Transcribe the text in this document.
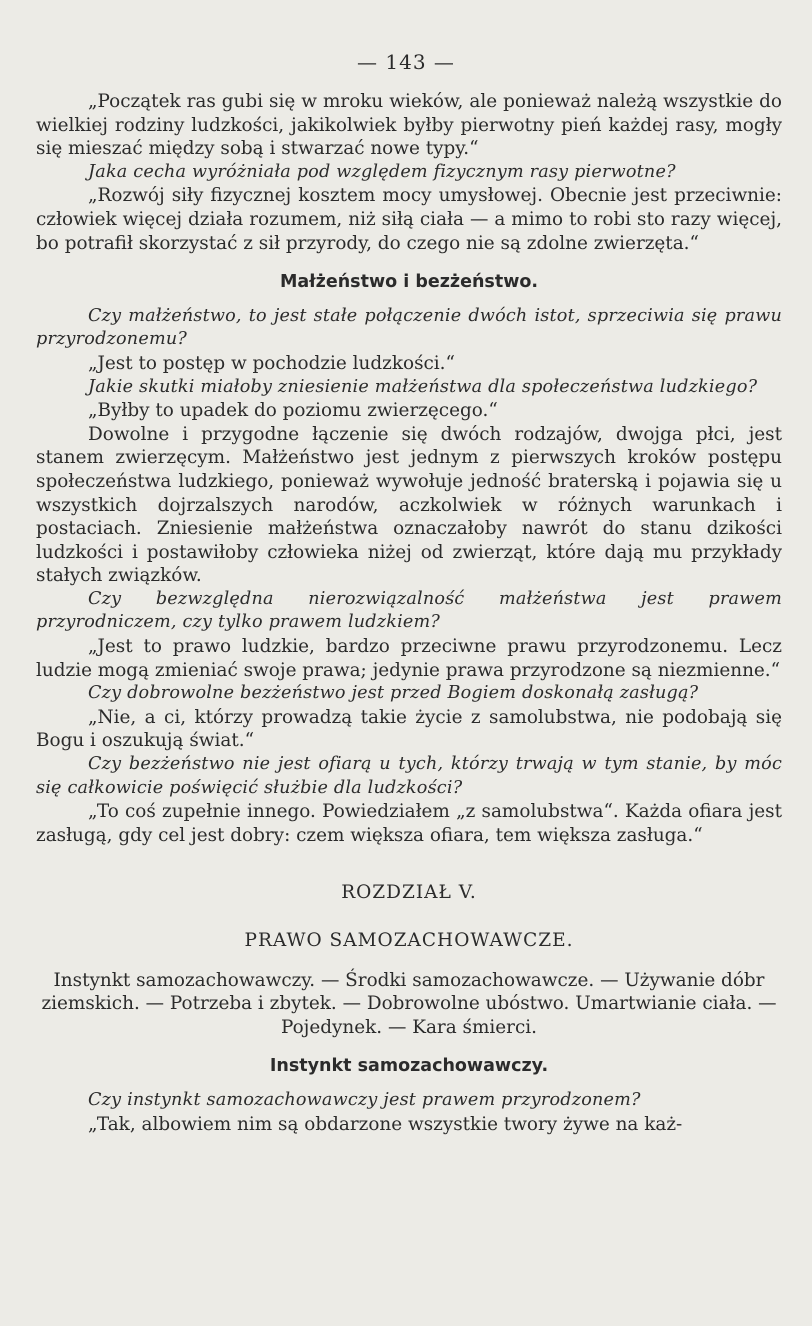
— 143 —

„Początek ras gubi się w mroku wieków, ale ponieważ należą wszystkie do wielkiej rodziny ludzkości, jakikolwiek byłby pierwotny pień każdej rasy, mogły się mieszać między sobą i stwarzać nowe typy.“

Jaka cecha wyróżniała pod względem fizycznym rasy pierwotne?

„Rozwój siły fizycznej kosztem mocy umysłowej. Obecnie jest przeciwnie: człowiek więcej działa rozumem, niż siłą ciała — a mimo to robi sto razy więcej, bo potrafił skorzystać z sił przyrody, do czego nie są zdolne zwierzęta.“

Małżeństwo i bezżeństwo.

Czy małżeństwo, to jest stałe połączenie dwóch istot, sprzeciwia się prawu przyrodzonemu?

„Jest to postęp w pochodzie ludzkości.“

Jakie skutki miałoby zniesienie małżeństwa dla społeczeństwa ludzkiego?

„Byłby to upadek do poziomu zwierzęcego.“

Dowolne i przygodne łączenie się dwóch rodzajów, dwojga płci, jest stanem zwierzęcym. Małżeństwo jest jednym z pierwszych kroków postępu społeczeństwa ludzkiego, ponieważ wywołuje jedność braterską i pojawia się u wszystkich dojrzalszych narodów, aczkolwiek w różnych warunkach i postaciach. Zniesienie małżeństwa oznaczałoby nawrót do stanu dzikości ludzkości i postawiłoby człowieka niżej od zwierząt, które dają mu przykłady stałych związków.

Czy bezwzględna nierozwiązalność małżeństwa jest prawem przyrodniczem, czy tylko prawem ludzkiem?

„Jest to prawo ludzkie, bardzo przeciwne prawu przyrodzonemu. Lecz ludzie mogą zmieniać swoje prawa; jedynie prawa przyrodzone są niezmienne.“

Czy dobrowolne bezżeństwo jest przed Bogiem doskonałą zasługą?

„Nie, a ci, którzy prowadzą takie życie z samolubstwa, nie podobają się Bogu i oszukują świat.“

Czy bezżeństwo nie jest ofiarą u tych, którzy trwają w tym stanie, by móc się całkowicie poświęcić służbie dla ludzkości?

„To coś zupełnie innego. Powiedziałem „z samolubstwa“. Każda ofiara jest zasługą, gdy cel jest dobry: czem większa ofiara, tem większa zasługa.“

ROZDZIAŁ V.
PRAWO SAMOZACHOWAWCZE.

Instynkt samozachowawczy. — Środki samozachowawcze. — Używanie dóbr ziemskich. — Potrzeba i zbytek. — Dobrowolne ubóstwo. Umartwianie ciała. — Pojedynek. — Kara śmierci.

Instynkt samozachowawczy.

Czy instynkt samozachowawczy jest prawem przyrodzonem?

„Tak, albowiem nim są obdarzone wszystkie twory żywe na każ-
